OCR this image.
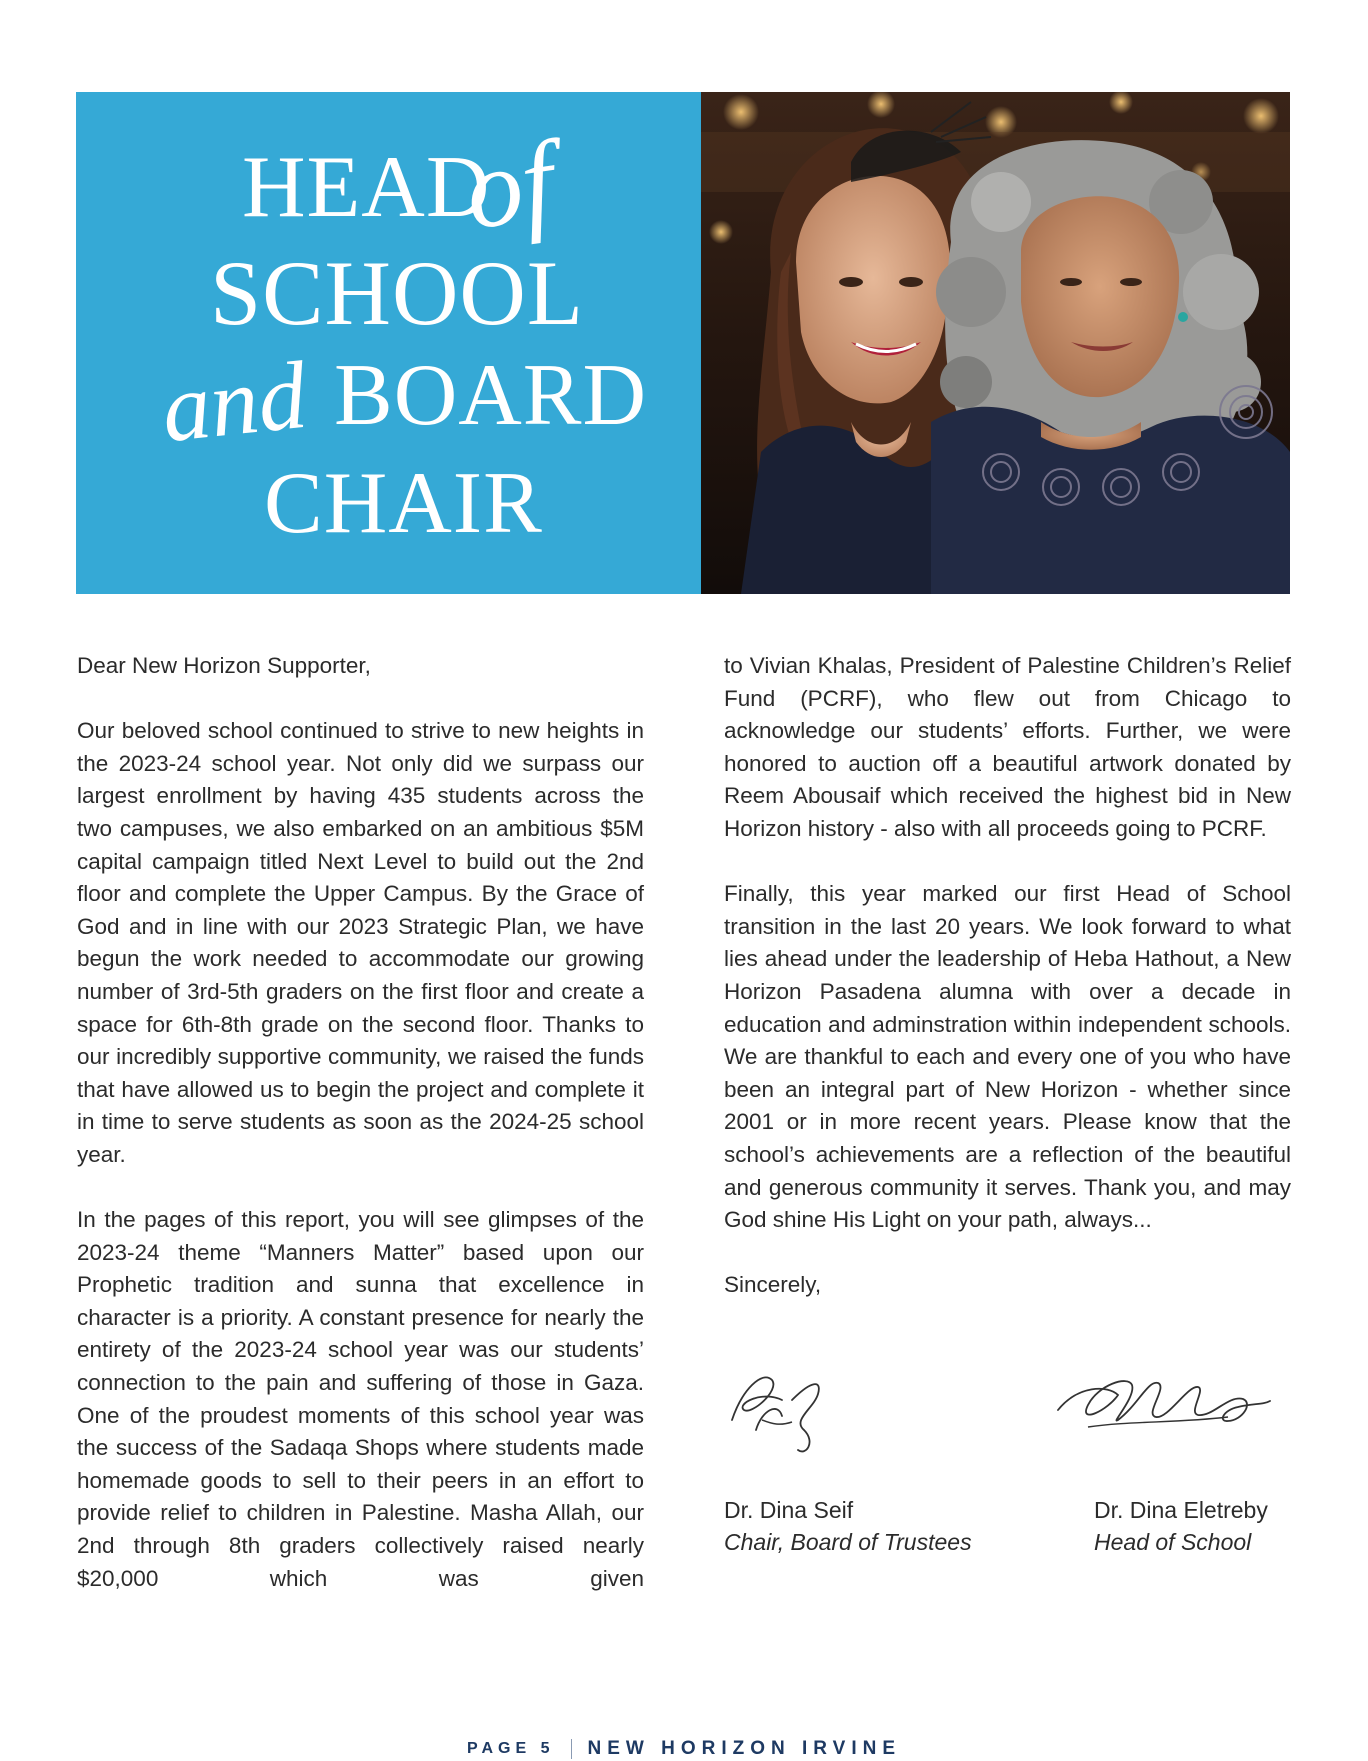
HEAD
of
SCHOOL
and BOARD
CHAIR

Dear New Horizon Supporter,

Our beloved school continued to strive to new heights in the 2023-24 school year. Not only did we surpass our largest enrollment by having 435 students across the two campuses, we also embarked on an ambitious $5M capital campaign titled Next Level to build out the 2nd floor and complete the Upper Campus. By the Grace of God and in line with our 2023 Strategic Plan, we have begun the work needed to accommodate our growing number of 3rd-5th graders on the first floor and create a space for 6th-8th grade on the second floor. Thanks to our incredibly supportive community, we raised the funds that have allowed us to begin the project and complete it in time to serve students as soon as the 2024-25 school year.

In the pages of this report, you will see glimpses of the 2023-24 theme “Manners Matter” based upon our Prophetic tradition and sunna that excellence in character is a priority. A constant presence for nearly the entirety of the 2023-24 school year was our students’ connection to the pain and suffering of those in Gaza. One of the proudest moments of this school year was the success of the Sadaqa Shops where students made homemade goods to sell to their peers in an effort to provide relief to children in Palestine. Masha Allah, our 2nd through 8th graders collectively raised nearly $20,000 which was given

to Vivian Khalas, President of Palestine Children’s Relief Fund (PCRF), who flew out from Chicago to acknowledge our students’ efforts. Further, we were honored to auction off a beautiful artwork donated by Reem Abousaif which received the highest bid in New Horizon history - also with all proceeds going to PCRF.

Finally, this year marked our first Head of School transition in the last 20 years. We look forward to what lies ahead under the leadership of Heba Hathout, a New Horizon Pasadena alumna with over a decade in education and adminstration within independent schools. We are thankful to each and every one of you who have been an integral part of New Horizon - whether since 2001 or in more recent years. Please know that the school’s achievements are a reflection of the beautiful and generous community it serves. Thank you, and may God shine His Light on your path, always...

Sincerely,

Dr. Dina Seif
Chair, Board of Trustees
Dr. Dina Eletreby
Head of School
PAGE 5 NEW HORIZON IRVINE
